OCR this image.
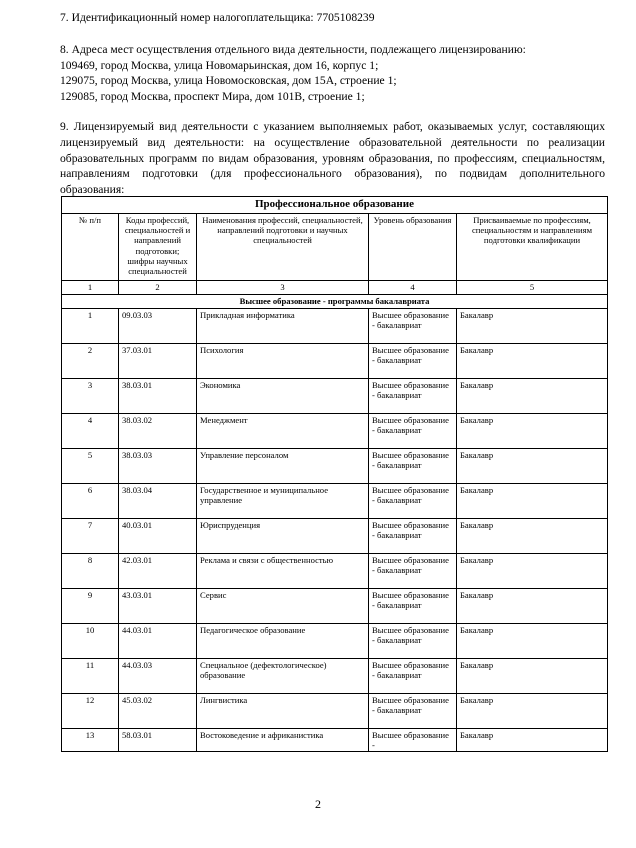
7. Идентификационный номер налогоплательщика: 7705108239
8. Адреса мест осуществления отдельного вида деятельности, подлежащего лицензированию:
109469, город Москва, улица Новомарьинская, дом 16, корпус 1;
129075, город Москва, улица Новомосковская, дом 15А, строение 1;
129085, город Москва, проспект Мира, дом 101В, строение 1;
9. Лицензируемый вид деятельности с указанием выполняемых работ, оказываемых услуг, составляющих
лицензируемый вид деятельности: на осуществление образовательной деятельности по реализации
образовательных программ по видам образования, уровням образования, по профессиям, специальностям,
направлениям подготовки (для профессионального образования), по подвидам дополнительного
образования:
Профессиональное образование				
№ п/п	Коды профессий, специальностей и направлений подготовки; шифры научных специальностей	Наименования профессий, специальностей, направлений подготовки и научных специальностей	Уровень образования	Присваиваемые по профессиям, специальностям и направлениям подготовки квалификации
1	2	3	4	5
Высшее образование - программы бакалавриата				
1	09.03.03	Прикладная информатика	Высшее образование - бакалавриат	Бакалавр
2	37.03.01	Психология	Высшее образование - бакалавриат	Бакалавр
3	38.03.01	Экономика	Высшее образование - бакалавриат	Бакалавр
4	38.03.02	Менеджмент	Высшее образование - бакалавриат	Бакалавр
5	38.03.03	Управление персоналом	Высшее образование - бакалавриат	Бакалавр
6	38.03.04	Государственное и муниципальное управление	Высшее образование - бакалавриат	Бакалавр
7	40.03.01	Юриспруденция	Высшее образование - бакалавриат	Бакалавр
8	42.03.01	Реклама и связи с общественностью	Высшее образование - бакалавриат	Бакалавр
9	43.03.01	Сервис	Высшее образование - бакалавриат	Бакалавр
10	44.03.01	Педагогическое образование	Высшее образование - бакалавриат	Бакалавр
11	44.03.03	Специальное (дефектологическое) образование	Высшее образование - бакалавриат	Бакалавр
12	45.03.02	Лингвистика	Высшее образование - бакалавриат	Бакалавр
13	58.03.01	Востоковедение и африканистика	Высшее образование -	Бакалавр
2
